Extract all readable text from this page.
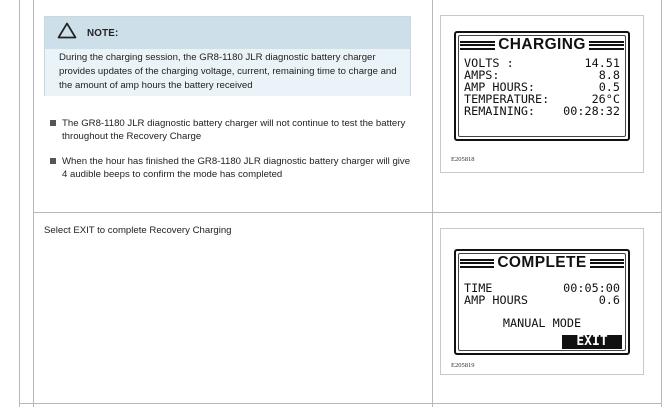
NOTE:
During the charging session, the GR8-1180 JLR diagnostic battery charger provides updates of the charging voltage, current, remaining time to charge and the amount of amp hours the battery received
The GR8-1180 JLR diagnostic battery charger will not continue to test the battery throughout the Recovery Charge
When the hour has finished the GR8-1180 JLR diagnostic battery charger will give 4 audible beeps to confirm the mode has completed
Select EXIT to complete Recovery Charging
CHARGING
VOLTS :	14.51
AMPS:	8.8
AMP HOURS:	0.5
TEMPERATURE:	26°C
REMAINING: 00:28:32
E205818
COMPLETE
TIME	00:05:00
AMP HOURS	0.6
MANUAL MODE
EXIT
E205819
